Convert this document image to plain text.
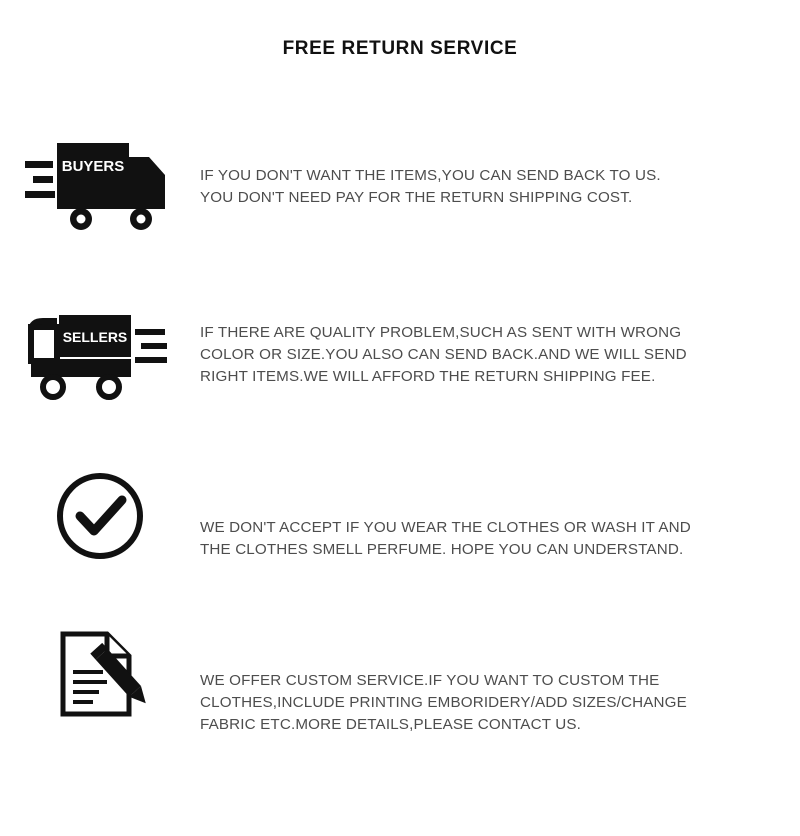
FREE RETURN SERVICE
BUYERS
IF YOU DON'T WANT THE ITEMS,YOU CAN SEND BACK TO US.
YOU DON'T NEED PAY FOR THE RETURN SHIPPING COST.
SELLERS	IF THERE ARE QUALITY PROBLEM,SUCH AS SENT WITH WRONG
COLOR OR SIZE.YOU ALSO CAN SEND BACK.AND WE WILL SEND
RIGHT ITEMS.WE WILL AFFORD THE RETURN SHIPPING FEE.
WE DON'T ACCEPT IF YOU WEAR THE CLOTHES OR WASH IT AND
THE CLOTHES SMELL PERFUME. HOPE YOU CAN UNDERSTAND.
WE OFFER CUSTOM SERVICE.IF YOU WANT TO CUSTOM THE
CLOTHES,INCLUDE PRINTING EMBORIDERY/ADD SIZES/CHANGE
FABRIC ETC.MORE DETAILS,PLEASE CONTACT US.
